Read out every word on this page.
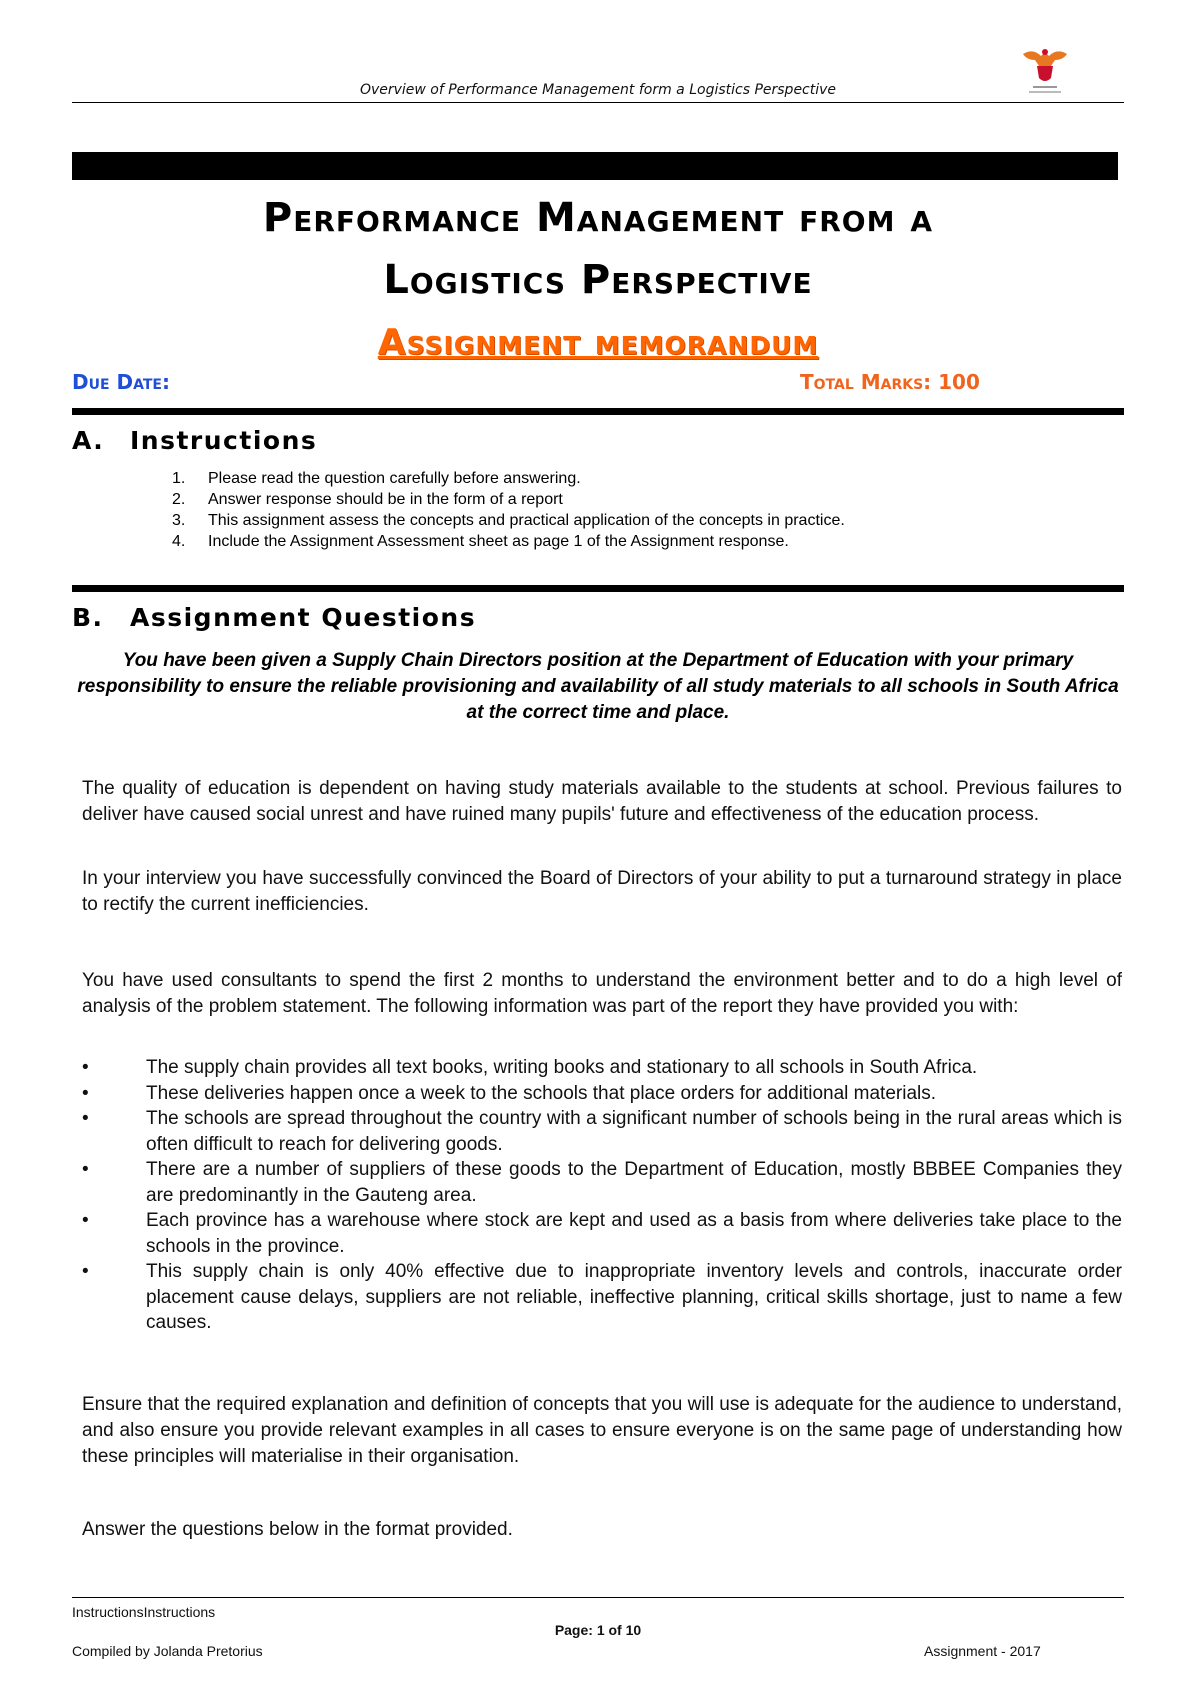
Overview of Performance Management form a Logistics Perspective
Performance Management from a
Logistics Perspective
Assignment memorandum
Due Date:	Total Marks: 100
A. Instructions
1. Please read the question carefully before answering.
2. Answer response should be in the form of a report
3. This assignment assess the concepts and practical application of the concepts in practice.
4. Include the Assignment Assessment sheet as page 1 of the Assignment response.
B. Assignment Questions
You have been given a Supply Chain Directors position at the Department of Education with your primary responsibility to ensure the reliable provisioning and availability of all study materials to all schools in South Africa at the correct time and place.
The quality of education is dependent on having study materials available to the students at school. Previous failures to deliver have caused social unrest and have ruined many pupils' future and effectiveness of the education process.
In your interview you have successfully convinced the Board of Directors of your ability to put a turnaround strategy in place to rectify the current inefficiencies.
You have used consultants to spend the first 2 months to understand the environment better and to do a high level of analysis of the problem statement. The following information was part of the report they have provided you with:
• The supply chain provides all text books, writing books and stationary to all schools in South Africa.
• These deliveries happen once a week to the schools that place orders for additional materials.
• The schools are spread throughout the country with a significant number of schools being in the rural areas which is often difficult to reach for delivering goods.
• There are a number of suppliers of these goods to the Department of Education, mostly BBBEE Companies they are predominantly in the Gauteng area.
• Each province has a warehouse where stock are kept and used as a basis from where deliveries take place to the schools in the province.
• This supply chain is only 40% effective due to inappropriate inventory levels and controls, inaccurate order placement cause delays, suppliers are not reliable, ineffective planning, critical skills shortage, just to name a few causes.
Ensure that the required explanation and definition of concepts that you will use is adequate for the audience to understand, and also ensure you provide relevant examples in all cases to ensure everyone is on the same page of understanding how these principles will materialise in their organisation.
Answer the questions below in the format provided.
InstructionsInstructions
Page: 1 of 10
Compiled by Jolanda Pretorius	Assignment - 2017
